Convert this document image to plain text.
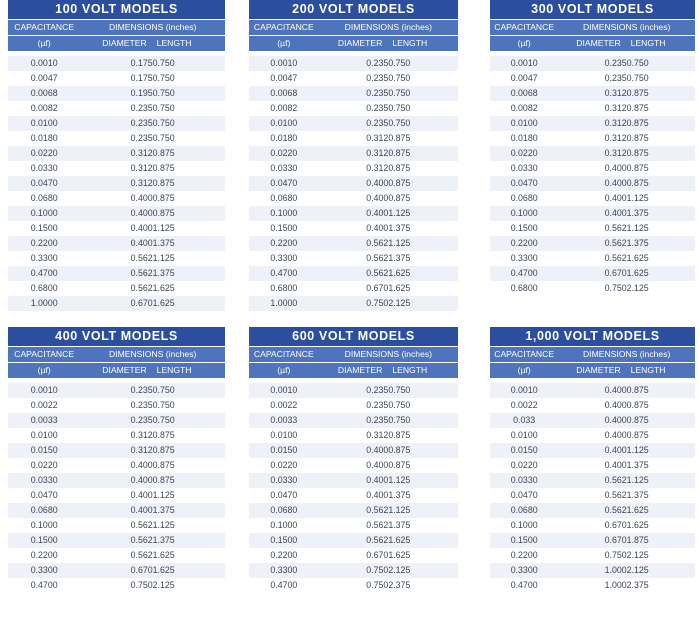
100 VOLT MODELS		
CAPACITANCE	DIMENSIONS (inches)	
(µf)	DIAMETER	LENGTH

0.0010	0.175	0.750
0.0047	0.175	0.750
0.0068	0.195	0.750
0.0082	0.235	0.750
0.0100	0.235	0.750
0.0180	0.235	0.750
0.0220	0.312	0.875
0.0330	0.312	0.875
0.0470	0.312	0.875
0.0680	0.400	0.875
0.1000	0.400	0.875
0.1500	0.400	1.125
0.2200	0.400	1.375
0.3300	0.562	1.125
0.4700	0.562	1.375
0.6800	0.562	1.625
1.0000	0.670	1.625
200 VOLT MODELS		
CAPACITANCE	DIMENSIONS (inches)	
(µf)	DIAMETER	LENGTH

0.0010	0.235	0.750
0.0047	0.235	0.750
0.0068	0.235	0.750
0.0082	0.235	0.750
0.0100	0.235	0.750
0.0180	0.312	0.875
0.0220	0.312	0.875
0.0330	0.312	0.875
0.0470	0.400	0.875
0.0680	0.400	0.875
0.1000	0.400	1.125
0.1500	0.400	1.375
0.2200	0.562	1.125
0.3300	0.562	1.375
0.4700	0.562	1.625
0.6800	0.670	1.625
1.0000	0.750	2.125
300 VOLT MODELS		
CAPACITANCE	DIMENSIONS (inches)	
(µf)	DIAMETER	LENGTH

0.0010	0.235	0.750
0.0047	0.235	0.750
0.0068	0.312	0.875
0.0082	0.312	0.875
0.0100	0.312	0.875
0.0180	0.312	0.875
0.0220	0.312	0.875
0.0330	0.400	0.875
0.0470	0.400	0.875
0.0680	0.400	1.125
0.1000	0.400	1.375
0.1500	0.562	1.125
0.2200	0.562	1.375
0.3300	0.562	1.625
0.4700	0.670	1.625
0.6800	0.750	2.125
400 VOLT MODELS		
CAPACITANCE	DIMENSIONS (inches)	
(µf)	DIAMETER	LENGTH

0.0010	0.235	0.750
0.0022	0.235	0.750
0.0033	0.235	0.750
0.0100	0.312	0.875
0.0150	0.312	0.875
0.0220	0.400	0.875
0.0330	0.400	0.875
0.0470	0.400	1.125
0.0680	0.400	1.375
0.1000	0.562	1.125
0.1500	0.562	1.375
0.2200	0.562	1.625
0.3300	0.670	1.625
0.4700	0.750	2.125
600 VOLT MODELS		
CAPACITANCE	DIMENSIONS (inches)	
(µf)	DIAMETER	LENGTH

0.0010	0.235	0.750
0.0022	0.235	0.750
0.0033	0.235	0.750
0.0100	0.312	0.875
0.0150	0.400	0.875
0.0220	0.400	0.875
0.0330	0.400	1.125
0.0470	0.400	1.375
0.0680	0.562	1.125
0.1000	0.562	1.375
0.1500	0.562	1.625
0.2200	0.670	1.625
0.3300	0.750	2.125
0.4700	0.750	2.375
1,000 VOLT MODELS		
CAPACITANCE	DIMENSIONS (inches)	
(µf)	DIAMETER	LENGTH

0.0010	0.400	0.875
0.0022	0.400	0.875
0.033	0.400	0.875
0.0100	0.400	0.875
0.0150	0.400	1.125
0.0220	0.400	1.375
0.0330	0.562	1.125
0.0470	0.562	1.375
0.0680	0.562	1.625
0.1000	0.670	1.625
0.1500	0.670	1.875
0.2200	0.750	2.125
0.3300	1.000	2.125
0.4700	1.000	2.375
